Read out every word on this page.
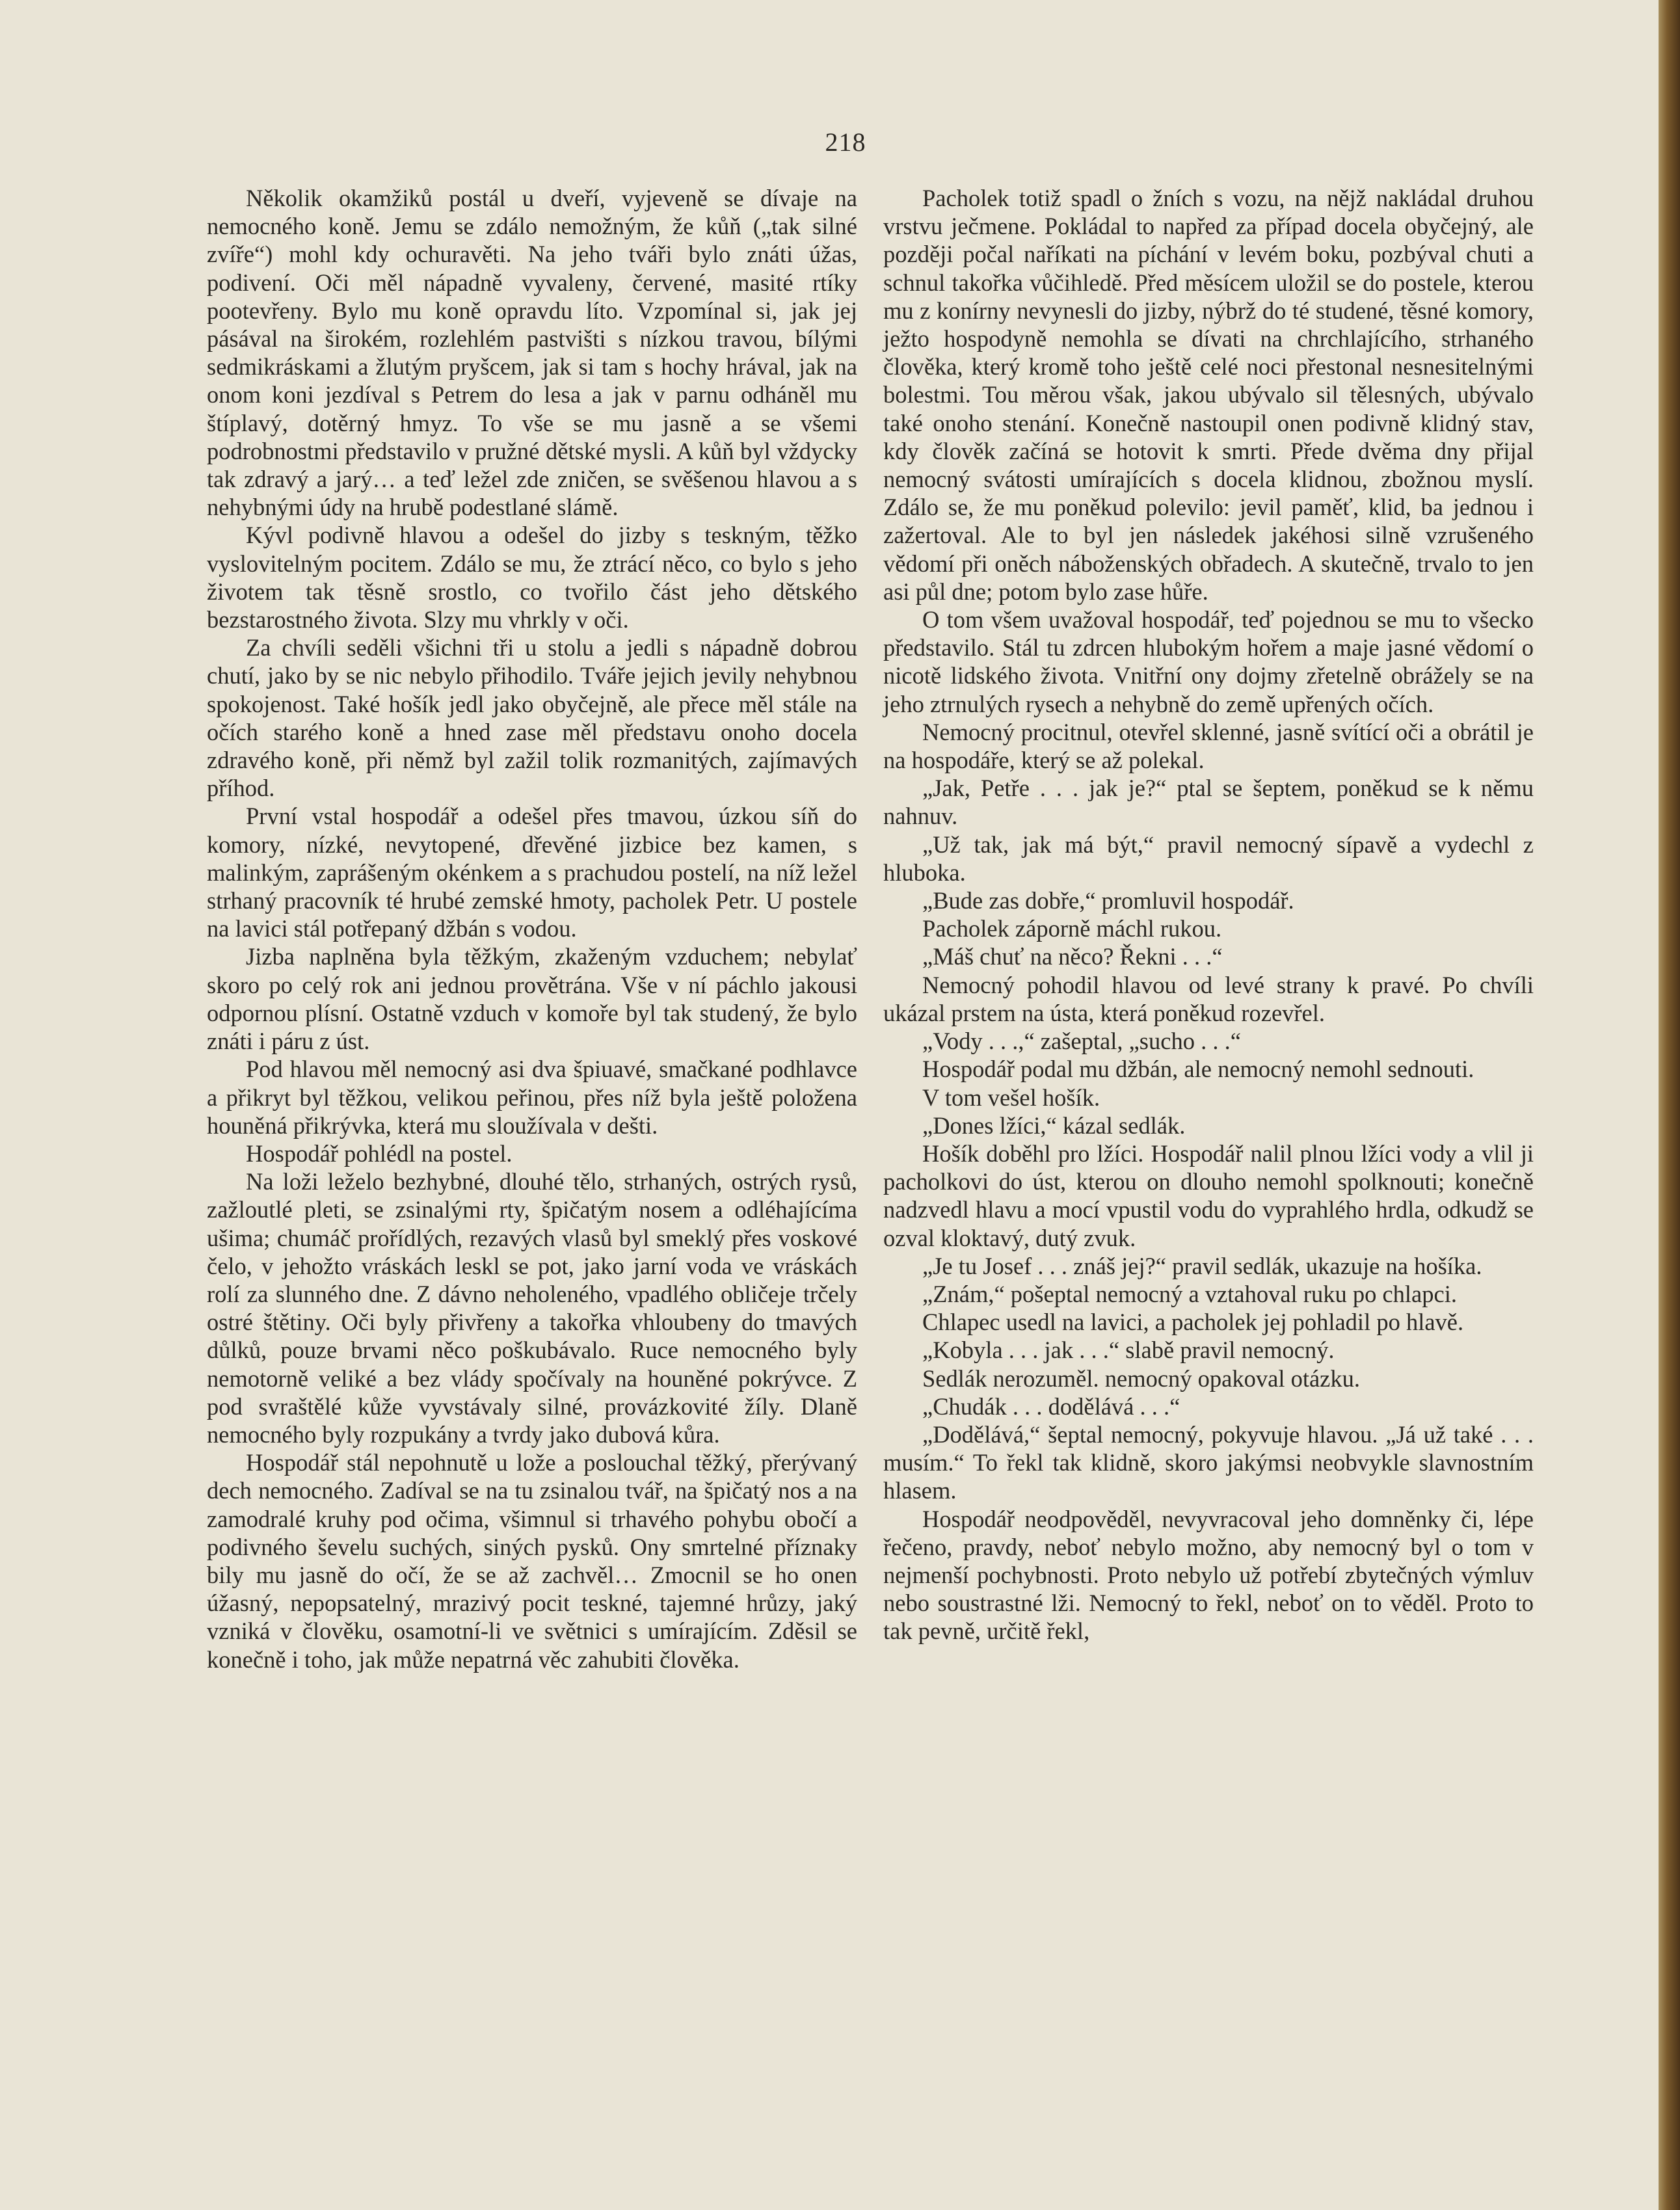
218

Několik okamžiků postál u dveří, vyjeveně se dívaje na nemocného koně. Jemu se zdálo nemožným, že kůň („tak silné zvíře“) mohl kdy ochuravěti. Na jeho tváři bylo znáti úžas, podivení. Oči měl nápadně vyvaleny, červené, masité rtíky pootevřeny. Bylo mu koně opravdu líto. Vzpomínal si, jak jej pásával na širokém, rozlehlém pastvišti s nízkou travou, bílými sedmikráskami a žlutým pryšcem, jak si tam s hochy hrával, jak na onom koni jezdíval s Petrem do lesa a jak v parnu odháněl mu štíplavý, dotěrný hmyz. To vše se mu jasně a se všemi podrobnostmi představilo v pružné dětské mysli. A kůň byl vždycky tak zdravý a jarý… a teď ležel zde zničen, se svěšenou hlavou a s nehybnými údy na hrubě podestlané slámě.

Kývl podivně hlavou a odešel do jizby s teskným, těžko vyslovitelným pocitem. Zdálo se mu, že ztrácí něco, co bylo s jeho životem tak těsně srostlo, co tvořilo část jeho dětského bezstarostného života. Slzy mu vhrkly v oči.

Za chvíli seděli všichni tři u stolu a jedli s nápadně dobrou chutí, jako by se nic nebylo přihodilo. Tváře jejich jevily nehybnou spokojenost. Také hošík jedl jako obyčejně, ale přece měl stále na očích starého koně a hned zase měl představu onoho docela zdravého koně, při němž byl zažil tolik rozmanitých, zajímavých příhod.

První vstal hospodář a odešel přes tmavou, úzkou síň do komory, nízké, nevytopené, dřevěné jizbice bez kamen, s malinkým, zaprášeným okénkem a s prachudou postelí, na níž ležel strhaný pracovník té hrubé zemské hmoty, pacholek Petr. U postele na lavici stál potřepaný džbán s vodou.

Jizba naplněna byla těžkým, zkaženým vzduchem; nebylať skoro po celý rok ani jednou provětrána. Vše v ní páchlo jakousi odpornou plísní. Ostatně vzduch v komoře byl tak studený, že bylo znáti i páru z úst.

Pod hlavou měl nemocný asi dva špiuavé, smačkané podhlavce a přikryt byl těžkou, velikou peřinou, přes níž byla ještě položena houněná přikrývka, která mu sloužívala v dešti.

Hospodář pohlédl na postel.

Na loži leželo bezhybné, dlouhé tělo, strhaných, ostrých rysů, zažloutlé pleti, se zsinalými rty, špičatým nosem a odléhajícíma ušima; chumáč prořídlých, rezavých vlasů byl smeklý přes voskové čelo, v jehožto vráskách leskl se pot, jako jarní voda ve vráskách rolí za slunného dne. Z dávno neholeného, vpadlého obličeje trčely ostré štětiny. Oči byly přivřeny a takořka vhloubeny do tmavých důlků, pouze brvami něco poškubávalo. Ruce nemocného byly nemotorně veliké a bez vlády spočívaly na houněné pokrývce. Z pod svraštělé kůže vyvstávaly silné, provázkovité žíly. Dlaně nemocného byly rozpukány a tvrdy jako dubová kůra.

Hospodář stál nepohnutě u lože a poslouchal těžký, přerývaný dech nemocného. Zadíval se na tu zsinalou tvář, na špičatý nos a na zamodralé kruhy pod očima, všimnul si trhavého pohybu obočí a podivného ševelu suchých, siných pysků. Ony smrtelné příznaky bily mu jasně do očí, že se až zachvěl… Zmocnil se ho onen úžasný, nepopsatelný, mrazivý pocit teskné, tajemné hrůzy, jaký vzniká v člověku, osamotní-li ve světnici s umírajícím. Zděsil se konečně i toho, jak může nepatrná věc zahubiti člověka.

Pacholek totiž spadl o žních s vozu, na nějž nakládal druhou vrstvu ječmene. Pokládal to napřed za případ docela obyčejný, ale později počal naříkati na píchání v levém boku, pozbýval chuti a schnul takořka vůčihledě. Před měsícem uložil se do postele, kterou mu z konírny nevynesli do jizby, nýbrž do té studené, těsné komory, ježto hospodyně nemohla se dívati na chrchlajícího, strhaného člověka, který kromě toho ještě celé noci přestonal nesnesitelnými bolestmi. Tou měrou však, jakou ubývalo sil tělesných, ubývalo také onoho stenání. Konečně nastoupil onen podivně klidný stav, kdy člověk začíná se hotovit k smrti. Přede dvěma dny přijal nemocný svátosti umírajících s docela klidnou, zbožnou myslí. Zdálo se, že mu poněkud polevilo: jevil paměť, klid, ba jednou i zažertoval. Ale to byl jen následek jakéhosi silně vzrušeného vědomí při oněch náboženských obřadech. A skutečně, trvalo to jen asi půl dne; potom bylo zase hůře.

O tom všem uvažoval hospodář, teď pojednou se mu to všecko představilo. Stál tu zdrcen hlubokým hořem a maje jasné vědomí o nicotě lidského života. Vnitřní ony dojmy zřetelně obrážely se na jeho ztrnulých rysech a nehybně do země upřených očích.

Nemocný procitnul, otevřel sklenné, jasně svítící oči a obrátil je na hospodáře, který se až polekal.

„Jak, Petře . . . jak je?“ ptal se šeptem, poněkud se k němu nahnuv.

„Už tak, jak má být,“ pravil nemocný sípavě a vydechl z hluboka.

„Bude zas dobře,“ promluvil hospodář.

Pacholek záporně máchl rukou.

„Máš chuť na něco? Řekni . . .“

Nemocný pohodil hlavou od levé strany k pravé. Po chvíli ukázal prstem na ústa, která poněkud rozevřel.

„Vody . . .,“ zašeptal, „sucho . . .“

Hospodář podal mu džbán, ale nemocný nemohl sednouti.

V tom vešel hošík.

„Dones lžíci,“ kázal sedlák.

Hošík doběhl pro lžíci. Hospodář nalil plnou lžíci vody a vlil ji pacholkovi do úst, kterou on dlouho nemohl spolknouti; konečně nadzvedl hlavu a mocí vpustil vodu do vyprahlého hrdla, odkudž se ozval kloktavý, dutý zvuk.

„Je tu Josef . . . znáš jej?“ pravil sedlák, ukazuje na hošíka.

„Znám,“ pošeptal nemocný a vztahoval ruku po chlapci.

Chlapec usedl na lavici, a pacholek jej pohladil po hlavě.

„Kobyla . . . jak . . .“ slabě pravil nemocný.

Sedlák nerozuměl. nemocný opakoval otázku.

„Chudák . . . dodělává . . .“

„Dodělává,“ šeptal nemocný, pokyvuje hlavou. „Já už také . . . musím.“ To řekl tak klidně, skoro jakýmsi neobvykle slavnostním hlasem.

Hospodář neodpověděl, nevyvracoval jeho domněnky či, lépe řečeno, pravdy, neboť nebylo možno, aby nemocný byl o tom v nejmenší pochybnosti. Proto nebylo už potřebí zbytečných výmluv nebo soustrastné lži. Nemocný to řekl, neboť on to věděl. Proto to tak pevně, určitě řekl,
